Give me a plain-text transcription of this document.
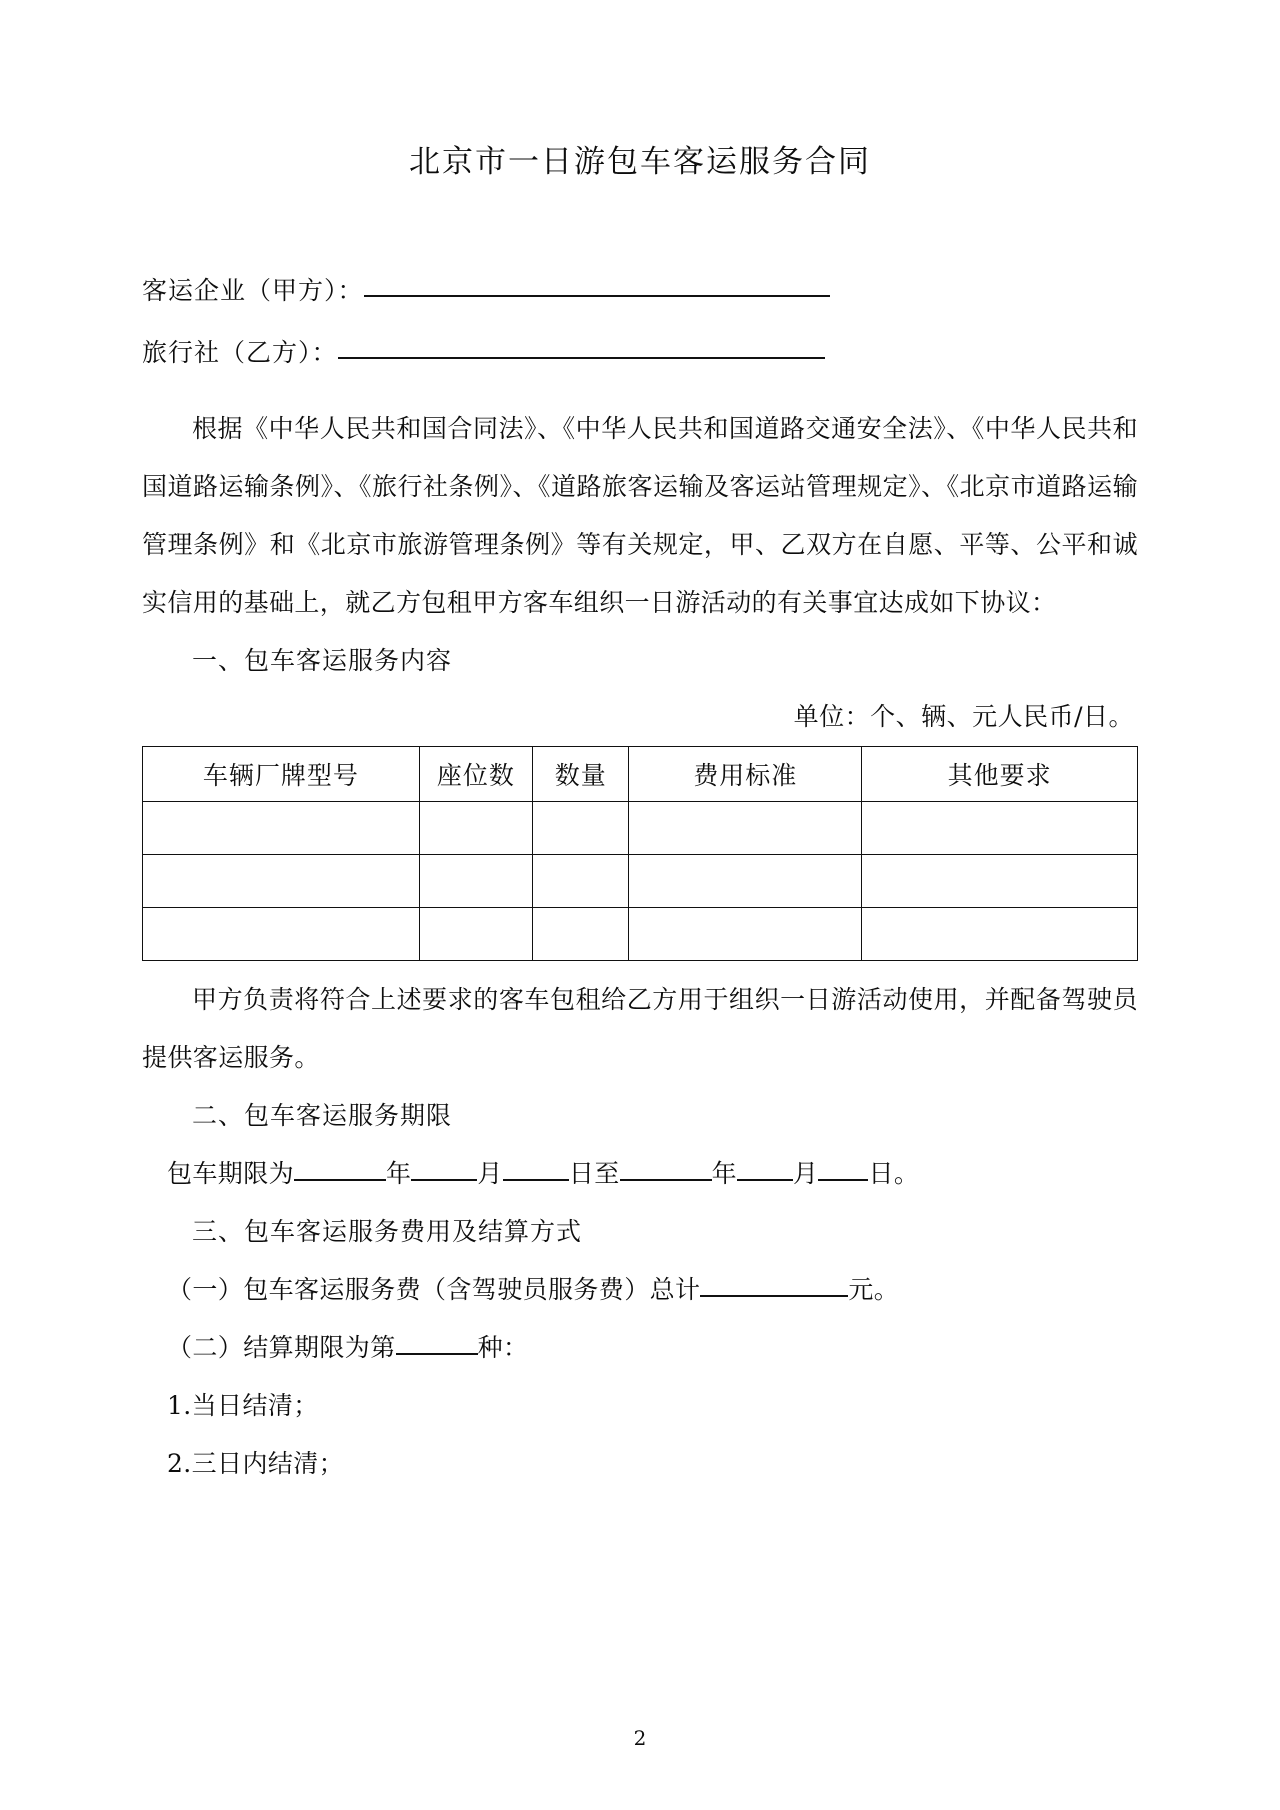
北京市一日游包车客运服务合同
客运企业（甲方）：
旅行社（乙方）：

根据《中华人民共和国合同法》、《中华人民共和国道路交通安全法》、《中华人民共和国道路运输条例》、《旅行社条例》、《道路旅客运输及客运站管理规定》、《北京市道路运输管理条例》和《北京市旅游管理条例》等有关规定，甲、乙双方在自愿、平等、公平和诚实信用的基础上，就乙方包租甲方客车组织一日游活动的有关事宜达成如下协议：

一、包车客运服务内容

单位：个、辆、元人民币/日。

车辆厂牌型号	座位数	数量	费用标准	其他要求

甲方负责将符合上述要求的客车包租给乙方用于组织一日游活动使用，并配备驾驶员提供客运服务。

二、包车客运服务期限

包车期限为	年	月	日至	年 月 日。

三、包车客运服务费用及结算方式

（一）包车客运服务费（含驾驶员服务费）总计	元。

（二）结算期限为第	种：

1.当日结清；

2.三日内结清；

2
